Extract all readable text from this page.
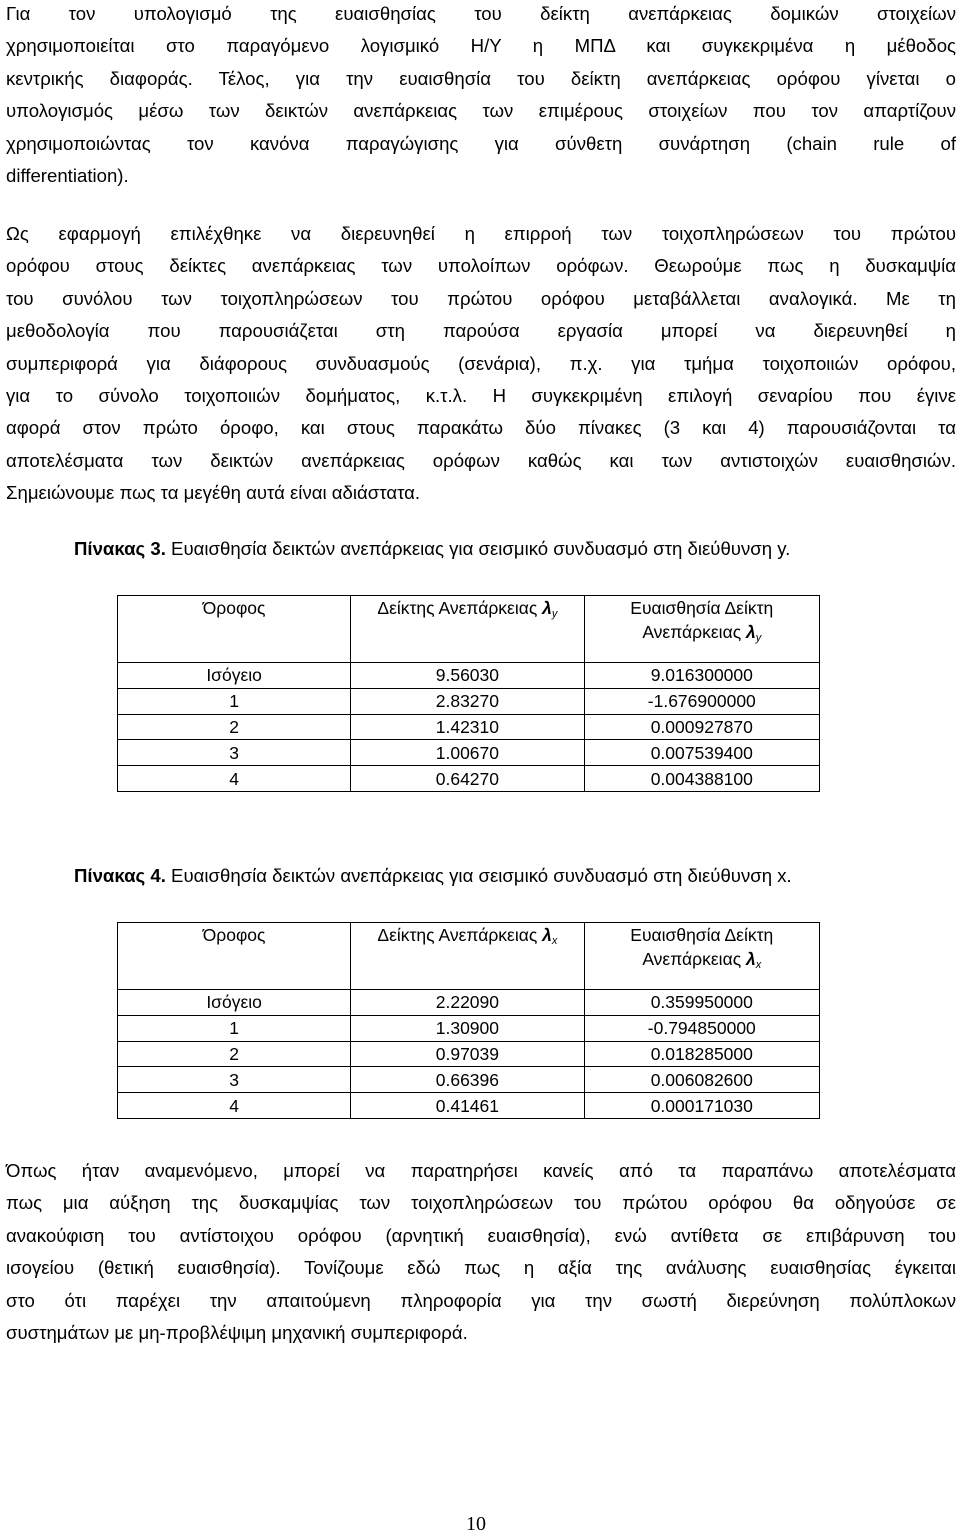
Για τον υπολογισμό της ευαισθησίας του δείκτη ανεπάρκειας δομικών στοιχείων
χρησιμοποιείται στο παραγόμενο λογισμικό Η/Υ η ΜΠΔ και συγκεκριμένα η μέθοδος
κεντρικής διαφοράς. Τέλος, για την ευαισθησία του δείκτη ανεπάρκειας ορόφου γίνεται ο
υπολογισμός μέσω των δεικτών ανεπάρκειας των επιμέρους στοιχείων που τον απαρτίζουν
χρησιμοποιώντας τον κανόνα παραγώγισης για σύνθετη συνάρτηση (chain rule of
differentiation).
Ως εφαρμογή επιλέχθηκε να διερευνηθεί η επιρροή των τοιχοπληρώσεων του πρώτου
ορόφου στους δείκτες ανεπάρκειας των υπολοίπων ορόφων. Θεωρούμε πως η δυσκαμψία
του συνόλου των τοιχοπληρώσεων του πρώτου ορόφου μεταβάλλεται αναλογικά. Με τη
μεθοδολογία που παρουσιάζεται στη παρούσα εργασία μπορεί να διερευνηθεί η
συμπεριφορά για διάφορους συνδυασμούς (σενάρια), π.χ. για τμήμα τοιχοποιιών ορόφου,
για το σύνολο τοιχοποιιών δομήματος, κ.τ.λ. Η συγκεκριμένη επιλογή σεναρίου που έγινε
αφορά στον πρώτο όροφο, και στους παρακάτω δύο πίνακες (3 και 4) παρουσιάζονται τα
αποτελέσματα των δεικτών ανεπάρκειας ορόφων καθώς και των αντιστοιχών ευαισθησιών.
Σημειώνουμε πως τα μεγέθη αυτά είναι αδιάστατα.

Πίνακας 3. Ευαισθησία δεικτών ανεπάρκειας για σεισμικό συνδυασμό στη διεύθυνση y.

Όροφος	Δείκτης Ανεπάρκειας $\lambda_y$	Ευαισθησία Δείκτη
Ανεπάρκειας $\lambda_y$
Ισόγειο	9.56030	9.016300000
1	2.83270	-1.676900000
2	1.42310	0.000927870
3	1.00670	0.007539400
4	0.64270	0.004388100

Πίνακας 4. Ευαισθησία δεικτών ανεπάρκειας για σεισμικό συνδυασμό στη διεύθυνση x.

Όροφος	Δείκτης Ανεπάρκειας $\lambda_x$	Ευαισθησία Δείκτη
Ανεπάρκειας $\lambda_x$
Ισόγειο	2.22090	0.359950000
1	1.30900	-0.794850000
2	0.97039	0.018285000
3	0.66396	0.006082600
4	0.41461	0.000171030
Όπως ήταν αναμενόμενο, μπορεί να παρατηρήσει κανείς από τα παραπάνω αποτελέσματα
πως μια αύξηση της δυσκαμψίας των τοιχοπληρώσεων του πρώτου ορόφου θα οδηγούσε σε
ανακούφιση του αντίστοιχου ορόφου (αρνητική ευαισθησία), ενώ αντίθετα σε επιβάρυνση του
ισογείου (θετική ευαισθησία). Τονίζουμε εδώ πως η αξία της ανάλυσης ευαισθησίας έγκειται
στο ότι παρέχει την απαιτούμενη πληροφορία για την σωστή διερεύνηση πολύπλοκων
συστημάτων με μη-προβλέψιμη μηχανική συμπεριφορά.
10
